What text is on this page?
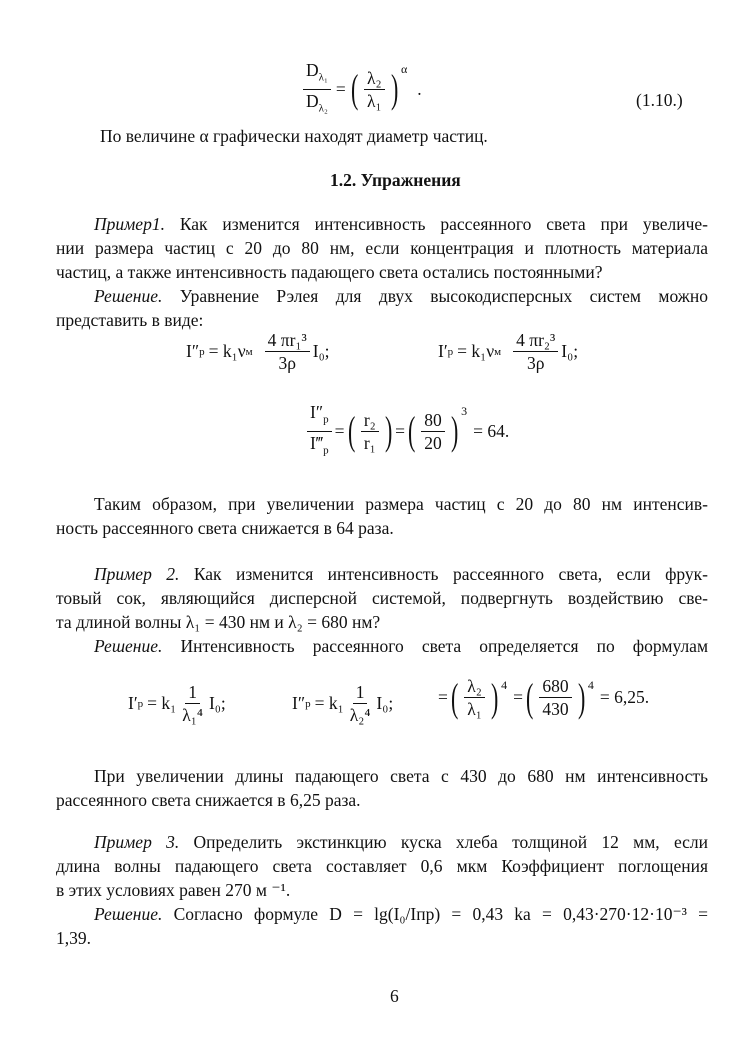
$\frac{D_{\lambda_1}}{D_{\lambda_2}}$ = ( $\frac{\text{λ₂}}{\text{λ₁}}$ ) α
.
(1.10.)
По величине α графически находят диаметр частиц.
1.2. Упражнения
Пример1. Как изменится интенсивность рассеянного света при увеличе-
нии размера частиц с 20 до 80 нм, если концентрация и плотность материала
частиц, а также интенсивность падающего света остались постоянными?
Решение. Уравнение Рэлея для двух высокодисперсных систем можно
представить в виде:
I″ р = k₁ν м $\frac{\text{4 πr₁³}}{3\rho} I_0$;	I′ р = k₁ν м $\frac{\text{4 πr₂³}}{3\rho} I_0$;
$\frac{I''_р}{I‴_р}$ = ( $\frac{\text{r₂}}{\text{r₁}}$ ) = ( $\frac{80}{20}$ ) 3
= 64 .
Таким образом, при увеличении размера частиц с 20 до 80 нм интенсив-
ность рассеянного света снижается в 64 раза.
Пример 2. Как изменится интенсивность рассеянного света, если фрук-
товый сок, являющийся дисперсной системой, подвергнуть воздействию све-
та длиной волны λ₁ = 430 нм и λ₂ = 680 нм?
Решение. Интенсивность рассеянного света определяется по формулам
I′ $р = k_1 \frac{1}{\text{λ₁⁴}} I_0$;	I″ $р = k_1 \frac{1}{\text{λ₂⁴}} I_0$;	= ( $\frac{\text{λ₂}}{\text{λ₁}}$ ) 4
= ( $\frac{680}{430}$ ) 4
= 6,25.
При увеличении длины падающего света с 430 до 680 нм интенсивность
рассеянного света снижается в 6,25 раза.
Пример 3. Определить экстинкцию куска хлеба толщиной 12 мм, если
длина волны падающего света составляет 0,6 мкм Коэффициент поглощения
в этих условиях равен 270 м ⁻¹.
Решение. Согласно формуле D = lg(I₀/Iпр) = 0,43 ka = 0,43·270·12·10⁻³ =
1,39.
6
